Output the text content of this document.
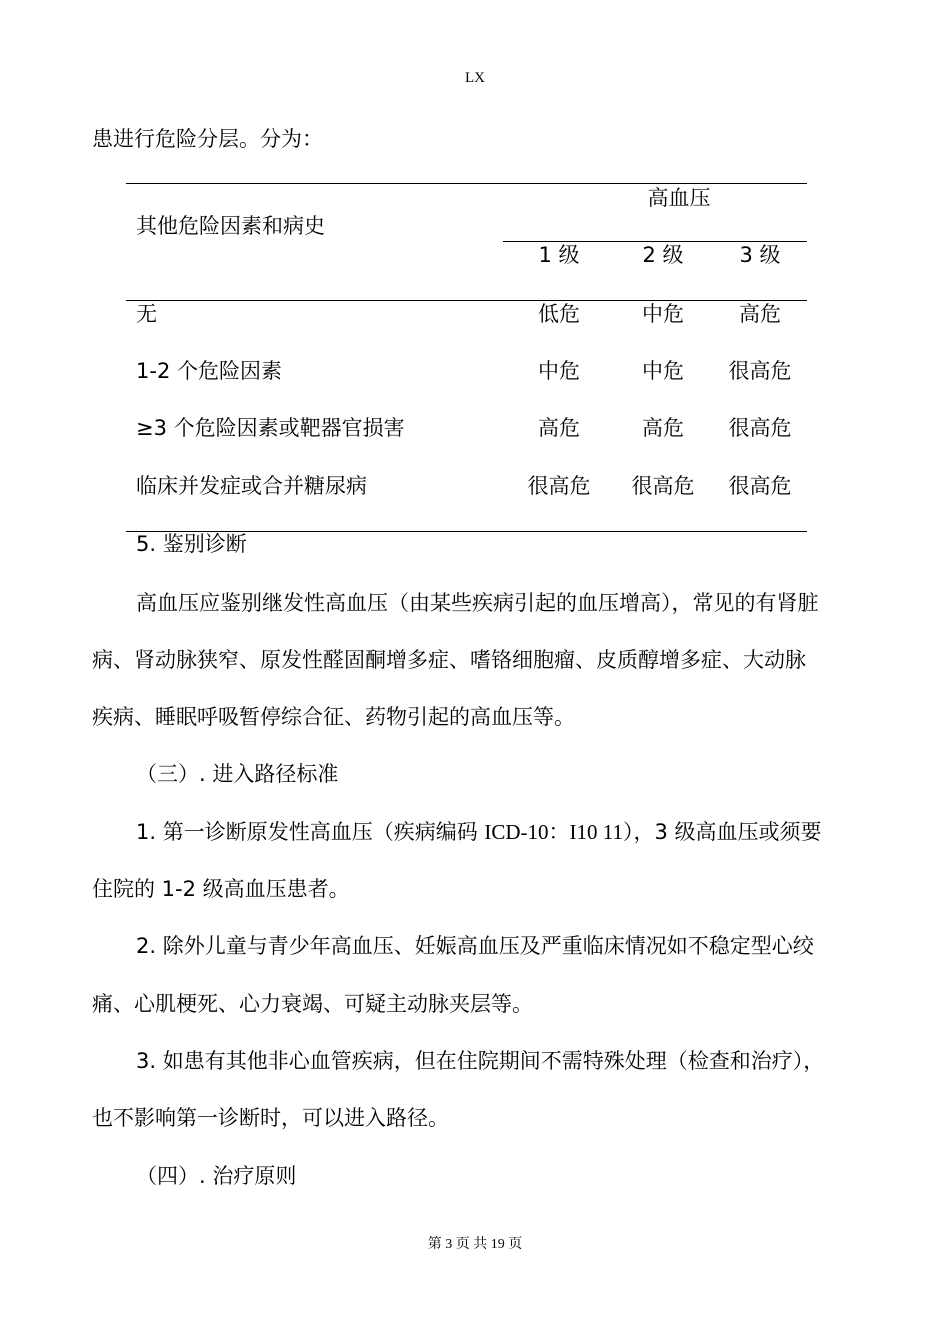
LX
患进行危险分层。分为：
其他危险因素和病史
高血压
1 级	2 级	3 级
无	低危	中危	高危
1-2 个危险因素	中危	中危	很高危
≥3 个危险因素或靶器官损害	高危	高危	很高危
临床并发症或合并糖尿病	很高危	很高危	很高危
5. 鉴别诊断
高血压应鉴别继发性高血压（由某些疾病引起的血压增高），常见的有肾脏
病、肾动脉狭窄、原发性醛固酮增多症、嗜铬细胞瘤、皮质醇增多症、大动脉
疾病、睡眠呼吸暂停综合征、药物引起的高血压等。
（三）. 进入路径标准
1. 第一诊断原发性高血压（疾病编码 ICD-10：I10 11），3 级高血压或须要
住院的 1-2 级高血压患者。
2. 除外儿童与青少年高血压、妊娠高血压及严重临床情况如不稳定型心绞
痛、心肌梗死、心力衰竭、可疑主动脉夹层等。
3. 如患有其他非心血管疾病，但在住院期间不需特殊处理（检查和治疗），
也不影响第一诊断时，可以进入路径。
（四）. 治疗原则
第 3 页 共 19 页
